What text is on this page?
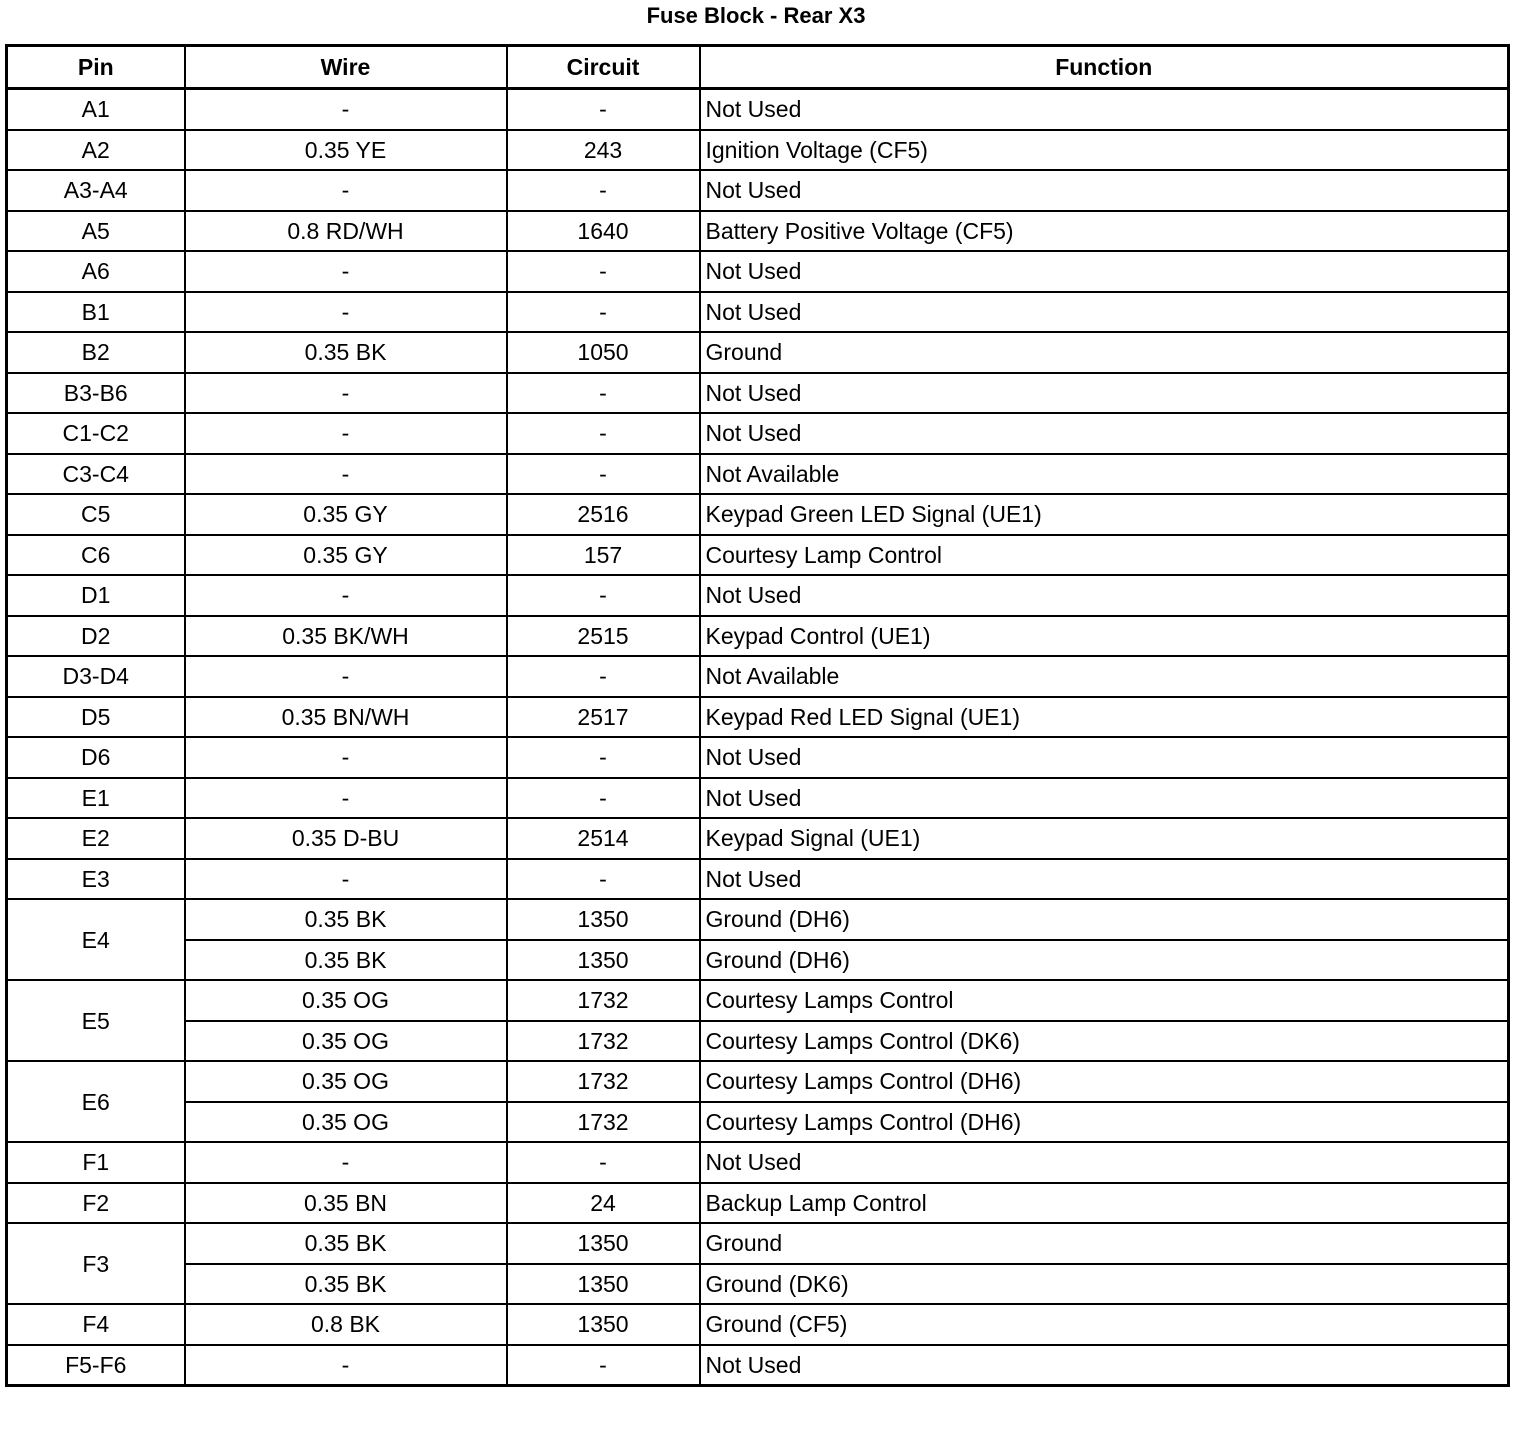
Fuse Block - Rear X3
Pin	Wire	Circuit	Function
A1	-	-	Not Used
A2	0.35 YE	243	Ignition Voltage (CF5)
A3-A4	-	-	Not Used
A5	0.8 RD/WH	1640	Battery Positive Voltage (CF5)
A6	-	-	Not Used
B1	-	-	Not Used
B2	0.35 BK	1050	Ground
B3-B6	-	-	Not Used
C1-C2	-	-	Not Used
C3-C4	-	-	Not Available
C5	0.35 GY	2516	Keypad Green LED Signal (UE1)
C6	0.35 GY	157	Courtesy Lamp Control
D1	-	-	Not Used
D2	0.35 BK/WH	2515	Keypad Control (UE1)
D3-D4	-	-	Not Available
D5	0.35 BN/WH	2517	Keypad Red LED Signal (UE1)
D6	-	-	Not Used
E1	-	-	Not Used
E2	0.35 D-BU	2514	Keypad Signal (UE1)
E3	-	-	Not Used
E4	0.35 BK	1350	Ground (DH6)
	0.35 BK	1350	Ground (DH6)
E5	0.35 OG	1732	Courtesy Lamps Control
	0.35 OG	1732	Courtesy Lamps Control (DK6)
E6	0.35 OG	1732	Courtesy Lamps Control (DH6)
	0.35 OG	1732	Courtesy Lamps Control (DH6)
F1	-	-	Not Used
F2	0.35 BN	24	Backup Lamp Control
F3	0.35 BK	1350	Ground
	0.35 BK	1350	Ground (DK6)
F4	0.8 BK	1350	Ground (CF5)
F5-F6	-	-	Not Used
